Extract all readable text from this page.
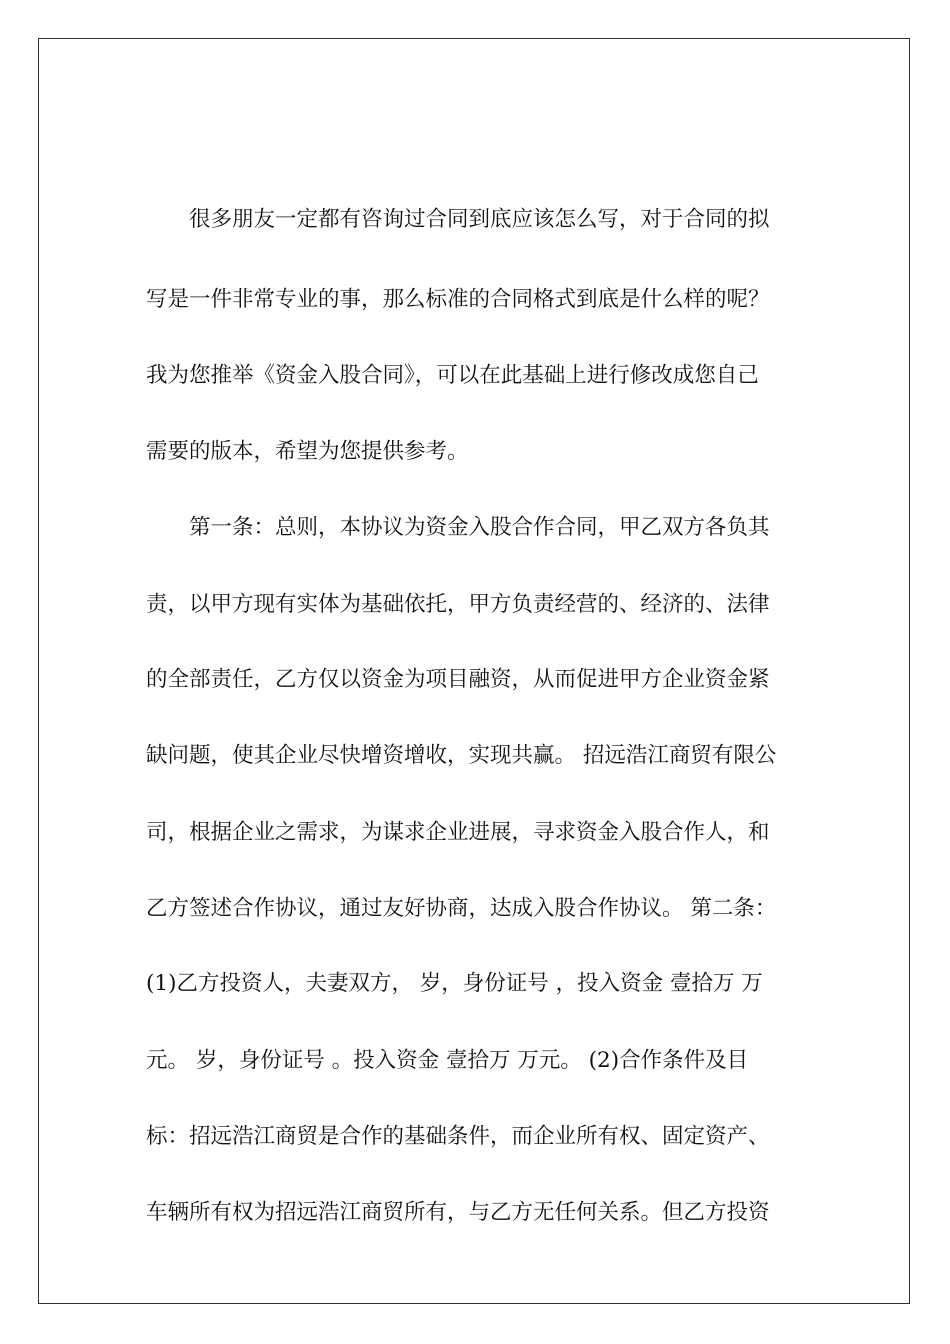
　　很多朋友一定都有咨询过合同到底应该怎么写，对于合同的拟
写是一件非常专业的事，那么标准的合同格式到底是什么样的呢？
我为您推举《资金入股合同》，可以在此基础上进行修改成您自己
需要的版本，希望为您提供参考。
　　第一条：总则，本协议为资金入股合作合同，甲乙双方各负其
责，以甲方现有实体为基础依托，甲方负责经营的、经济的、法律
的全部责任，乙方仅以资金为项目融资，从而促进甲方企业资金紧
缺问题，使其企业尽快增资增收，实现共赢。 招远浩江商贸有限公
司，根据企业之需求，为谋求企业进展，寻求资金入股合作人，和
乙方签述合作协议，通过友好协商，达成入股合作协议。 第二条：
(1)乙方投资人，夫妻双方， 岁，身份证号 ，投入资金 壹拾万 万
元。 岁，身份证号 。投入资金 壹拾万 万元。 (2)合作条件及目
标：招远浩江商贸是合作的基础条件，而企业所有权、固定资产、
车辆所有权为招远浩江商贸所有，与乙方无任何关系。但乙方投资
